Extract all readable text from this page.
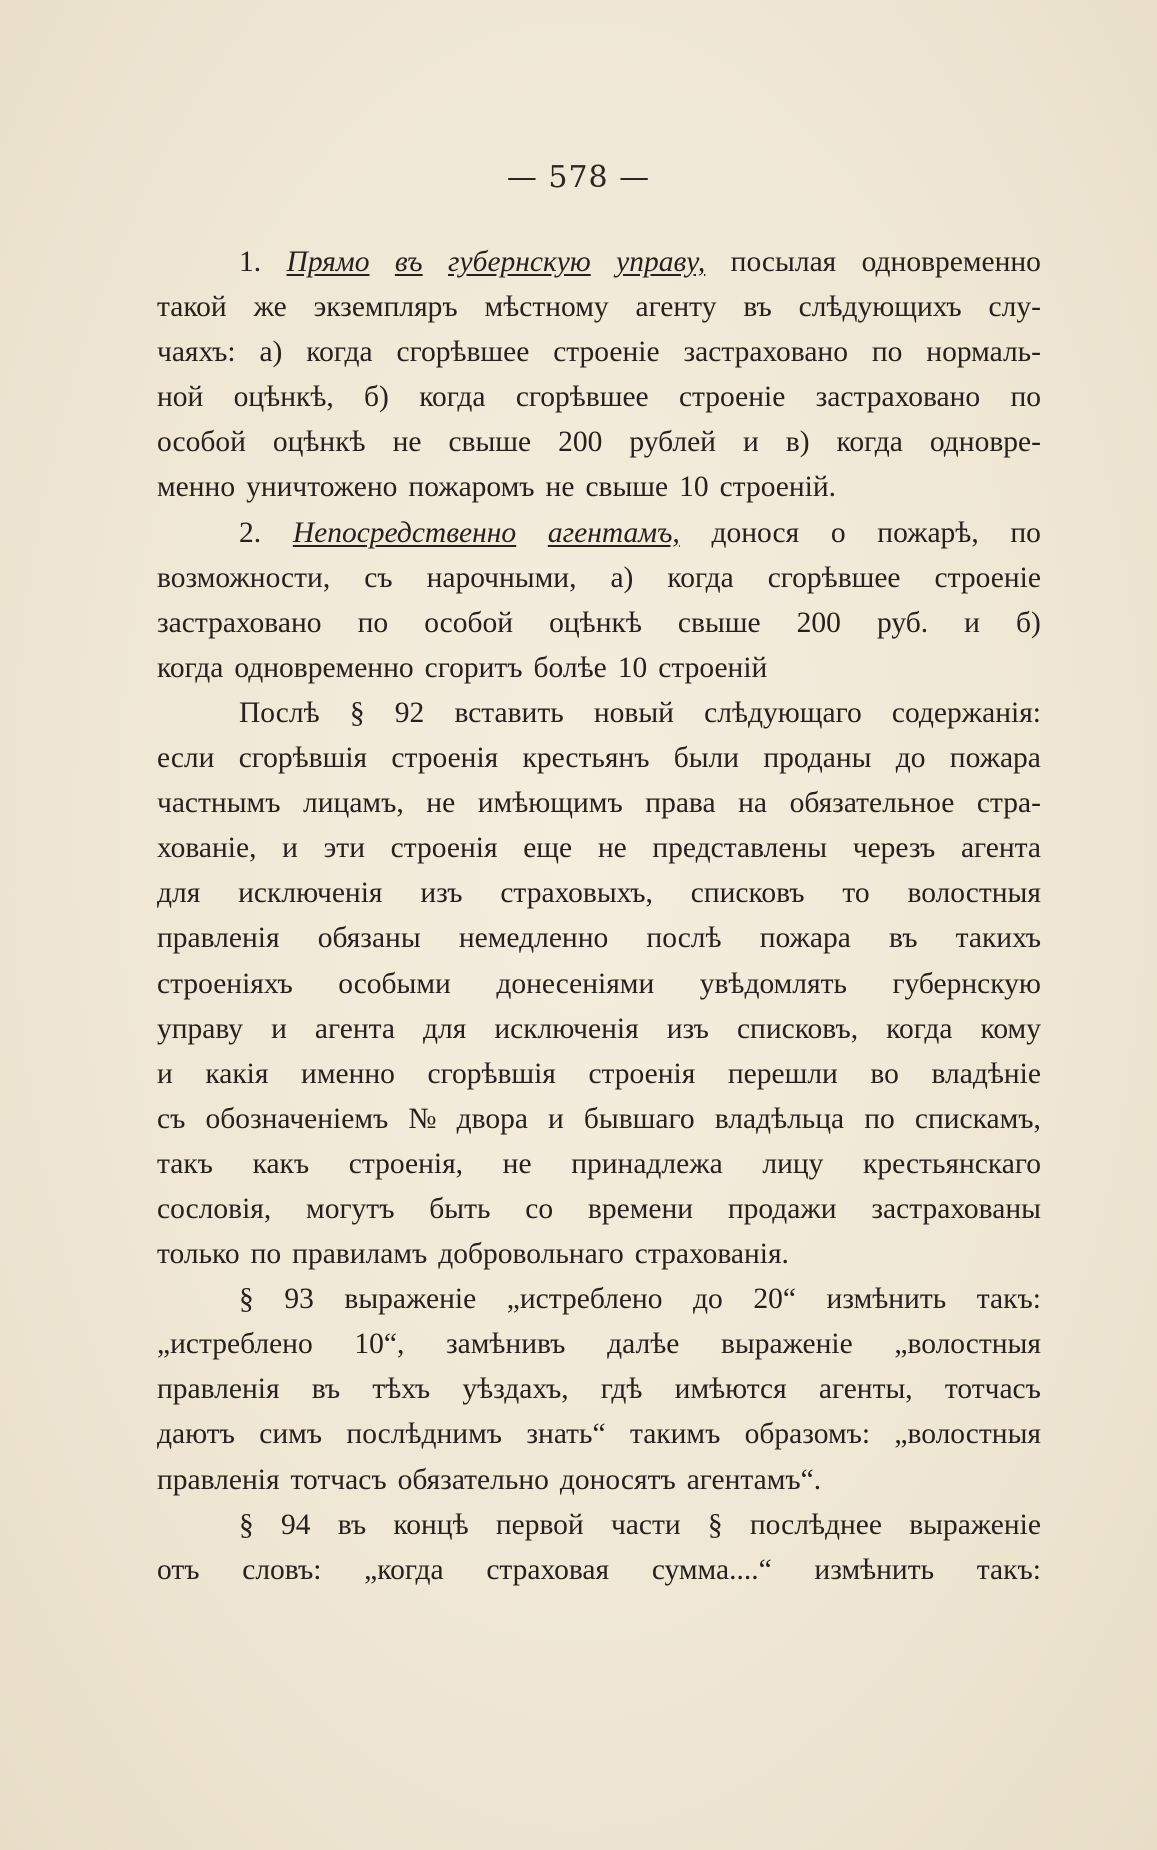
— 578 —
1. Прямо въ губернскую управу, посылая одновременно
такой же экземпляръ мѣстному агенту въ слѣдующихъ слу-
чаяхъ: а) когда сгорѣвшее строеніе застраховано по нормаль-
ной оцѣнкѣ, б) когда сгорѣвшее строеніе застраховано по
особой оцѣнкѣ не свыше 200 рублей и в) когда одновре-
менно уничтожено пожаромъ не свыше 10 строеній.
2. Непосредственно агентамъ, донося о пожарѣ, по
возможности, съ нарочными, а) когда сгорѣвшее строеніе
застраховано по особой оцѣнкѣ свыше 200 руб. и б)
когда одновременно сгоритъ болѣе 10 строеній
Послѣ § 92 вставить новый слѣдующаго содержанія:
если сгорѣвшія строенія крестьянъ были проданы до пожара
частнымъ лицамъ, не имѣющимъ права на обязательное стра-
хованіе, и эти строенія еще не представлены черезъ агента
для исключенія изъ страховыхъ, списковъ то волостныя
правленія обязаны немедленно послѣ пожара въ такихъ
строеніяхъ особыми донесеніями увѣдомлять губернскую
управу и агента для исключенія изъ списковъ, когда кому
и какія именно сгорѣвшія строенія перешли во владѣніе
съ обозначеніемъ № двора и бывшаго владѣльца по спискамъ,
такъ какъ строенія, не принадлежа лицу крестьянскаго
сословія, могутъ быть со времени продажи застрахованы
только по правиламъ добровольнаго страхованія.
§ 93 выраженіе „истреблено до 20“ измѣнить такъ:
„истреблено 10“, замѣнивъ далѣе выраженіе „волостныя
правленія въ тѣхъ уѣздахъ, гдѣ имѣются агенты, тотчасъ
даютъ симъ послѣднимъ знать“ такимъ образомъ: „волостныя
правленія тотчасъ обязательно доносятъ агентамъ“.
§ 94 въ концѣ первой части § послѣднее выраженіе
отъ словъ: „когда страховая сумма....“ измѣнить такъ:
